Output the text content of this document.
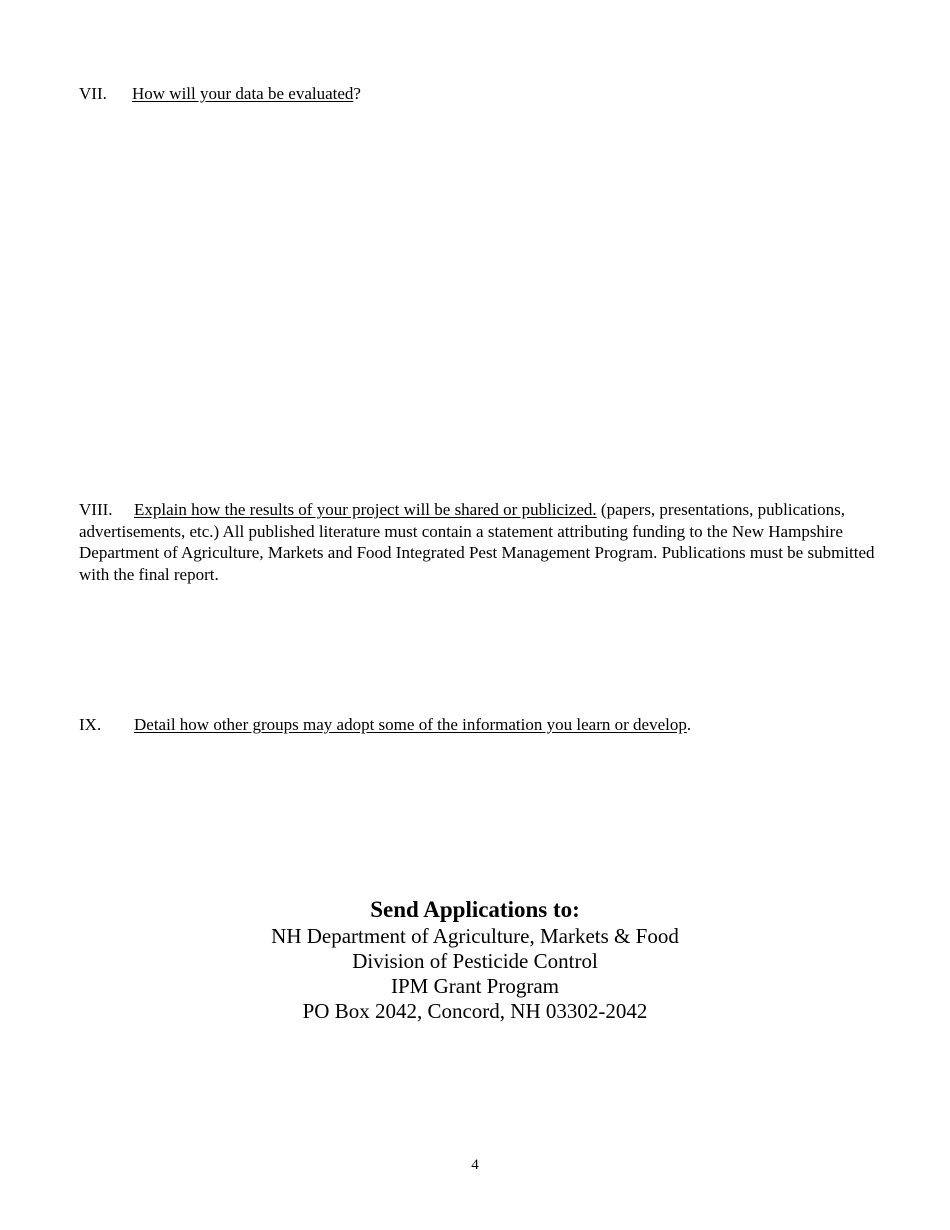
VII. How will your data be evaluated?
VIII. Explain how the results of your project will be shared or publicized. (papers, presentations, publications, advertisements, etc.) All published literature must contain a statement attributing funding to the New Hampshire Department of Agriculture, Markets and Food Integrated Pest Management Program. Publications must be submitted with the final report.
IX. Detail how other groups may adopt some of the information you learn or develop.
Send Applications to:
NH Department of Agriculture, Markets & Food
Division of Pesticide Control
IPM Grant Program
PO Box 2042, Concord, NH 03302-2042
4
